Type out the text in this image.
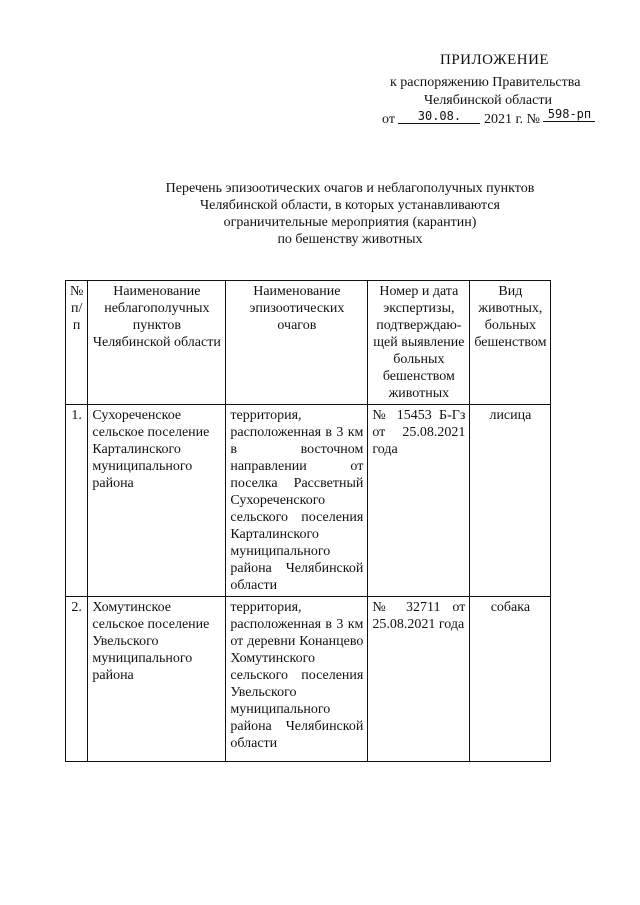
ПРИЛОЖЕНИЕ
к распоряжению Правительства
Челябинской области
от 30.08. 2021 г. № 598-рп
Перечень эпизоотических очагов и неблагополучных пунктов
Челябинской области, в которых устанавливаются
ограничительные мероприятия (карантин)
по бешенству животных
№ п/п	Наименование неблагополучных пунктов Челябинской области	Наименование эпизоотических очагов	Номер и дата экспертизы, подтверждаю-щей выявление больных бешенством животных	Вид животных, больных бешенством
1.	Сухореченское сельское поселение Карталинского муниципального района	территория, расположенная в 3 км в восточном направлении от поселка Рассветный Сухореченского сельского поселения Карталинского муниципального района Челябинской области	№ 15453 Б-Гз от 25.08.2021 года	лисица
2.	Хомутинское сельское поселение Увельского муниципального района	территория, расположенная в 3 км от деревни Конанцево Хомутинского сельского поселения Увельского муниципального района Челябинской области	№ 32711 от 25.08.2021 года	собака
